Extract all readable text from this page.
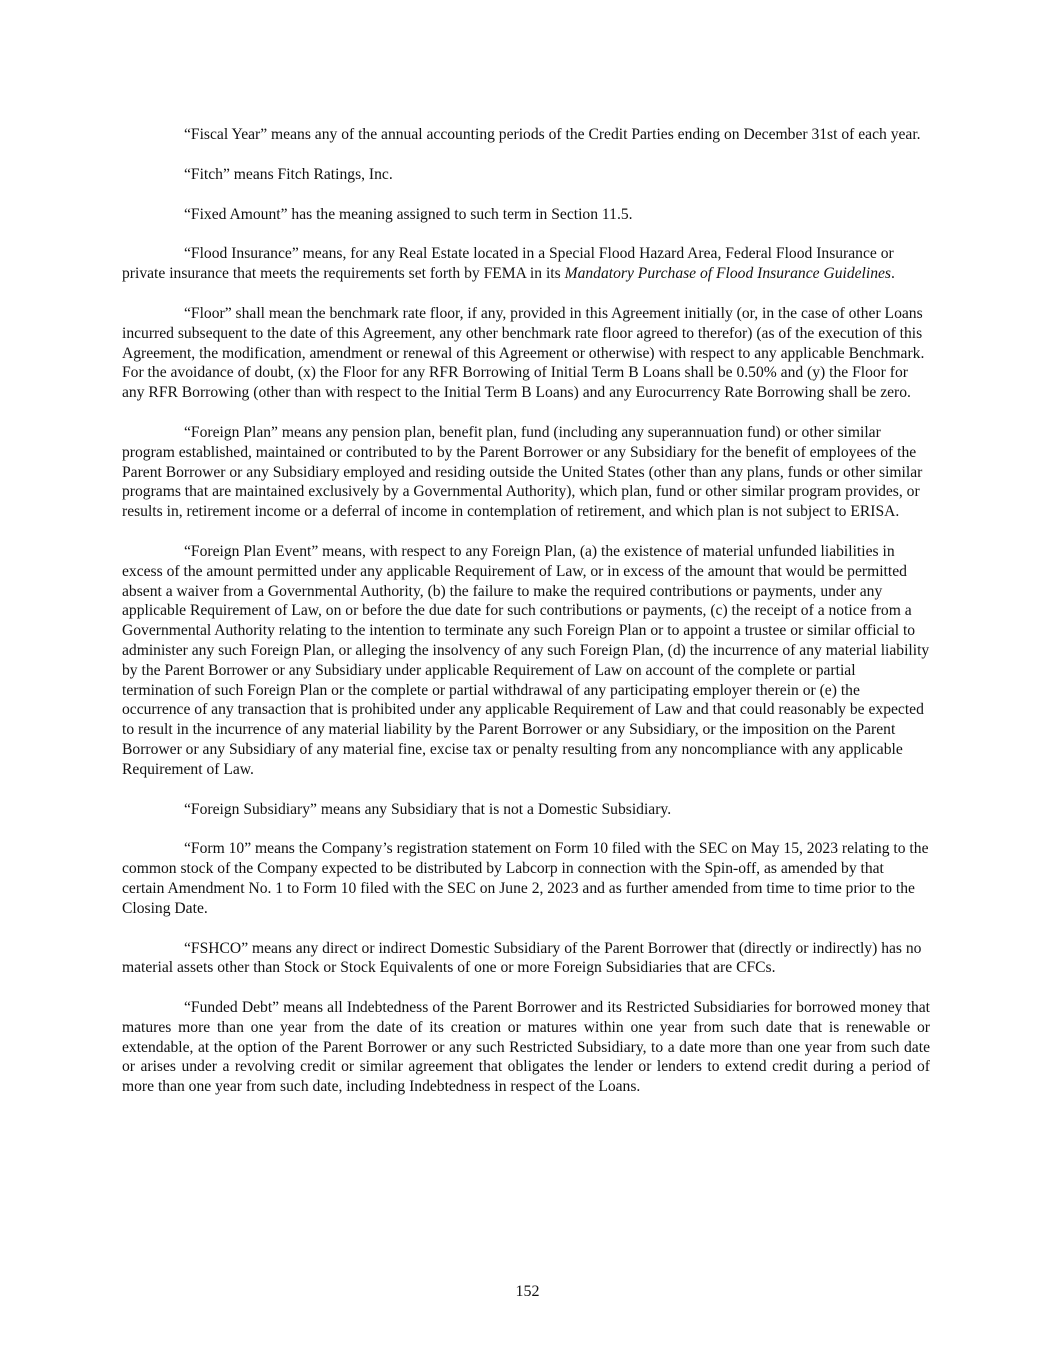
“Fiscal Year” means any of the annual accounting periods of the Credit Parties ending on December 31st of each year.

“Fitch” means Fitch Ratings, Inc.

“Fixed Amount” has the meaning assigned to such term in Section 11.5.

“Flood Insurance” means, for any Real Estate located in a Special Flood Hazard Area, Federal Flood Insurance or private insurance that meets the requirements set forth by FEMA in its Mandatory Purchase of Flood Insurance Guidelines.

“Floor” shall mean the benchmark rate floor, if any, provided in this Agreement initially (or, in the case of other Loans incurred subsequent to the date of this Agreement, any other benchmark rate floor agreed to therefor) (as of the execution of this Agreement, the modification, amendment or renewal of this Agreement or otherwise) with respect to any applicable Benchmark. For the avoidance of doubt, (x) the Floor for any RFR Borrowing of Initial Term B Loans shall be 0.50% and (y) the Floor for any RFR Borrowing (other than with respect to the Initial Term B Loans) and any Eurocurrency Rate Borrowing shall be zero.

“Foreign Plan” means any pension plan, benefit plan, fund (including any superannuation fund) or other similar program established, maintained or contributed to by the Parent Borrower or any Subsidiary for the benefit of employees of the Parent Borrower or any Subsidiary employed and residing outside the United States (other than any plans, funds or other similar programs that are maintained exclusively by a Governmental Authority), which plan, fund or other similar program provides, or results in, retirement income or a deferral of income in contemplation of retirement, and which plan is not subject to ERISA.

“Foreign Plan Event” means, with respect to any Foreign Plan, (a) the existence of material unfunded liabilities in excess of the amount permitted under any applicable Requirement of Law, or in excess of the amount that would be permitted absent a waiver from a Governmental Authority, (b) the failure to make the required contributions or payments, under any applicable Requirement of Law, on or before the due date for such contributions or payments, (c) the receipt of a notice from a Governmental Authority relating to the intention to terminate any such Foreign Plan or to appoint a trustee or similar official to administer any such Foreign Plan, or alleging the insolvency of any such Foreign Plan, (d) the incurrence of any material liability by the Parent Borrower or any Subsidiary under applicable Requirement of Law on account of the complete or partial termination of such Foreign Plan or the complete or partial withdrawal of any participating employer therein or (e) the occurrence of any transaction that is prohibited under any applicable Requirement of Law and that could reasonably be expected to result in the incurrence of any material liability by the Parent Borrower or any Subsidiary, or the imposition on the Parent Borrower or any Subsidiary of any material fine, excise tax or penalty resulting from any noncompliance with any applicable Requirement of Law.

“Foreign Subsidiary” means any Subsidiary that is not a Domestic Subsidiary.

“Form 10” means the Company’s registration statement on Form 10 filed with the SEC on May 15, 2023 relating to the common stock of the Company expected to be distributed by Labcorp in connection with the Spin-off, as amended by that certain Amendment No. 1 to Form 10 filed with the SEC on June 2, 2023 and as further amended from time to time prior to the Closing Date.

“FSHCO” means any direct or indirect Domestic Subsidiary of the Parent Borrower that (directly or indirectly) has no material assets other than Stock or Stock Equivalents of one or more Foreign Subsidiaries that are CFCs.

“Funded Debt” means all Indebtedness of the Parent Borrower and its Restricted Subsidiaries for borrowed money that matures more than one year from the date of its creation or matures within one year from such date that is renewable or extendable, at the option of the Parent Borrower or any such Restricted Subsidiary, to a date more than one year from such date or arises under a revolving credit or similar agreement that obligates the lender or lenders to extend credit during a period of more than one year from such date, including Indebtedness in respect of the Loans.

152
